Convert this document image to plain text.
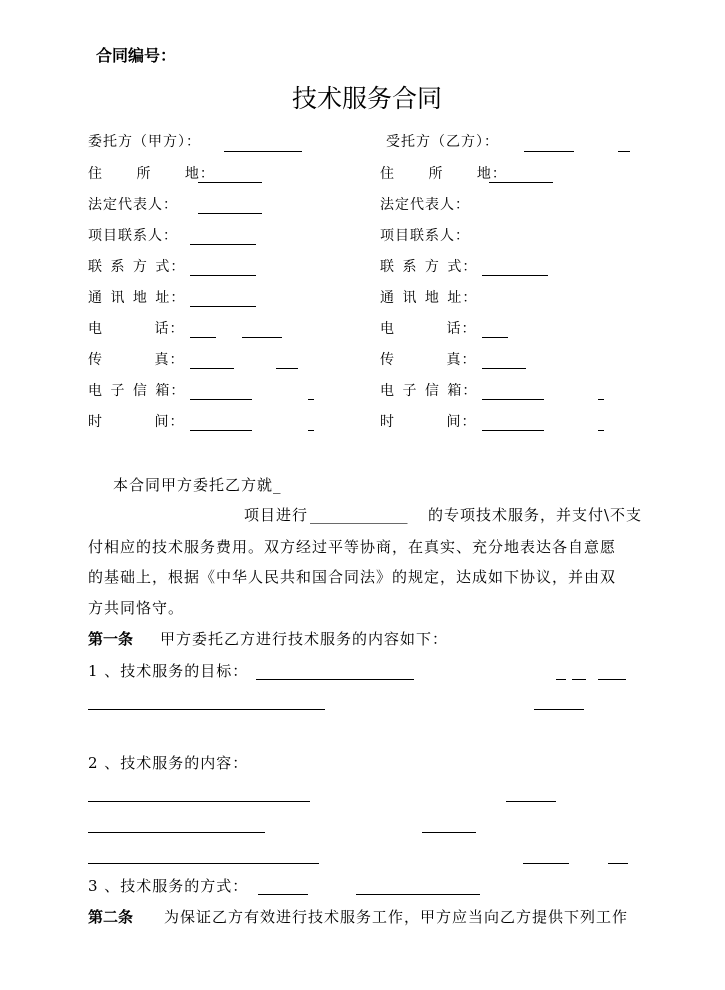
合同编号：
技术服务合同
委托方（甲方）：
住 所 地：
法定代表人：
项目联系人：
联 系 方 式：
通 讯 地 址：
电 话：
传 真：
电 子 信 箱：
时 间：
受托方（乙方）：
住 所 地：
法定代表人：
项目联系人：
联 系 方 式：
通 讯 地 址：
电 话：
传 真：
电 子 信 箱：
时 间：
本合同甲方委托乙方就_
项目进行 _____________ 的专项技术服务，并支付\不支
付相应的技术服务费用。双方经过平等协商，在真实、充分地表达各自意愿
的基础上，根据《中华人民共和国合同法》的规定，达成如下协议，并由双
方共同恪守。
第一条 甲方委托乙方进行技术服务的内容如下：
1 、技术服务的目标：
2 、技术服务的内容：
3 、技术服务的方式：
第二条 为保证乙方有效进行技术服务工作，甲方应当向乙方提供下列工作
